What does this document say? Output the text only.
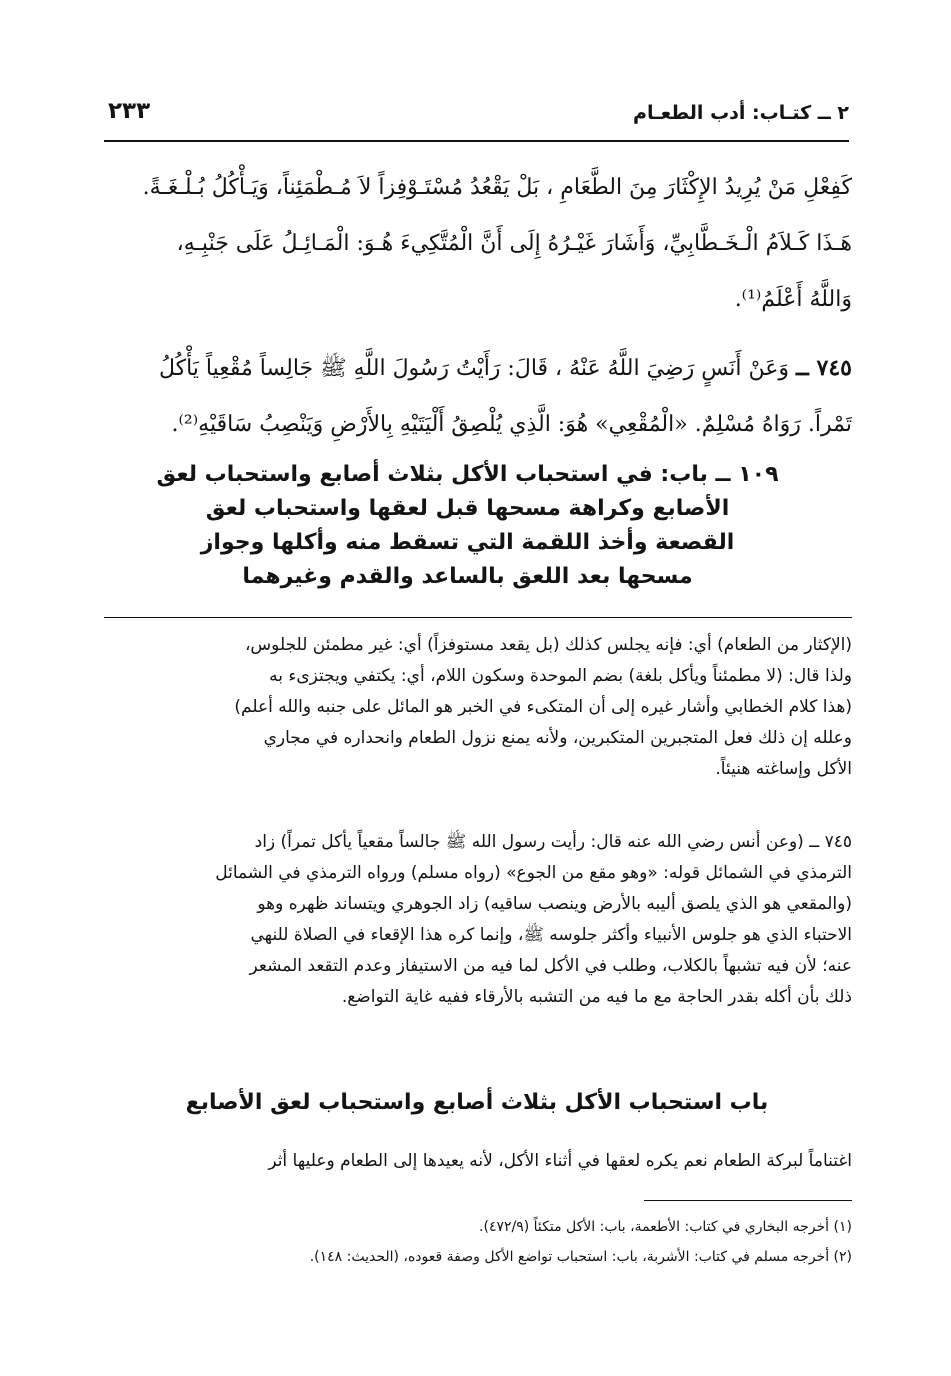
٢ ــ كتـاب: أدب الطعـام
٢٣٣
كَفِعْلِ مَنْ يُرِيدُ الإِكْثَارَ مِنَ الطَّعَامِ ، بَلْ يَقْعُدُ مُسْتَـوْفِزاً لاَ مُـطْمَئِناً، وَيَـأْكُلُ بُـلْـغَـةً.
هَـذَا كَـلاَمُ الْـخَـطَّابِيِّ، وَأَشَارَ غَيْـرُهُ إِلَى أَنَّ الْمُتَّكِيءَ هُـوَ: الْمَـائِـلُ عَلَى جَنْبِـهِ،
وَاللَّهُ أَعْلَمُ⁽¹⁾.
٧٤٥ ــ وَعَنْ أَنَسٍ رَضِيَ اللَّهُ عَنْهُ ، قَالَ: رَأَيْتُ رَسُولَ اللَّهِ ﷺ جَالِساً مُقْعِياً يَأْكُلُ
تَمْراً. رَوَاهُ مُسْلِمٌ. «الْمُقْعِي» هُوَ: الَّذِي يُلْصِقُ أَلْيَتَيْهِ بِالأَرْضِ وَيَنْصِبُ سَاقَيْهِ⁽²⁾.
١٠٩ ــ باب: في استحباب الأكل بثلاث أصابع واستحباب لعق
الأصابع وكراهة مسحها قبل لعقها واستحباب لعق
القصعة وأخذ اللقمة التي تسقط منه وأكلها وجواز
مسحها بعد اللعق بالساعد والقدم وغيرهما
(الإكثار من الطعام) أي: فإنه يجلس كذلك (بل يقعد مستوفزاً) أي: غير مطمئن للجلوس،
ولذا قال: (لا مطمئناً ويأكل بلغة) بضم الموحدة وسكون اللام، أي: يكتفي ويجتزىء به
(هذا كلام الخطابي وأشار غيره إلى أن المتكىء في الخبر هو المائل على جنبه والله أعلم)
وعلله إن ذلك فعل المتجبرين المتكبرين، ولأنه يمنع نزول الطعام وانحداره في مجاري
الأكل وإساغته هنيئاً.
٧٤٥ ــ (وعن أنس رضي الله عنه قال: رأيت رسول الله ﷺ جالساً مقعياً يأكل تمراً) زاد
الترمذي في الشمائل قوله: «وهو مقع من الجوع» (رواه مسلم) ورواه الترمذي في الشمائل
(والمقعي هو الذي يلصق أليبه بالأرض وينصب ساقيه) زاد الجوهري ويتساند ظهره وهو
الاحتباء الذي هو جلوس الأنبياء وأكثر جلوسه ﷺ، وإنما كره هذا الإقعاء في الصلاة للنهي
عنه؛ لأن فيه تشبهاً بالكلاب، وطلب في الأكل لما فيه من الاستيفاز وعدم التقعد المشعر
ذلك بأن أكله بقدر الحاجة مع ما فيه من التشبه بالأرقاء ففيه غاية التواضع.
باب استحباب الأكل بثلاث أصابع واستحباب لعق الأصابع
اغتناماً لبركة الطعام نعم يكره لعقها في أثناء الأكل، لأنه يعيدها إلى الطعام وعليها أثر
(١) أخرجه البخاري في كتاب: الأطعمة، باب: الأكل متكئاً (٤٧٢/٩).
(٢) أخرجه مسلم في كتاب: الأشربة، باب: استحباب تواضع الأكل وصفة قعوده، (الحديث: ١٤٨).
